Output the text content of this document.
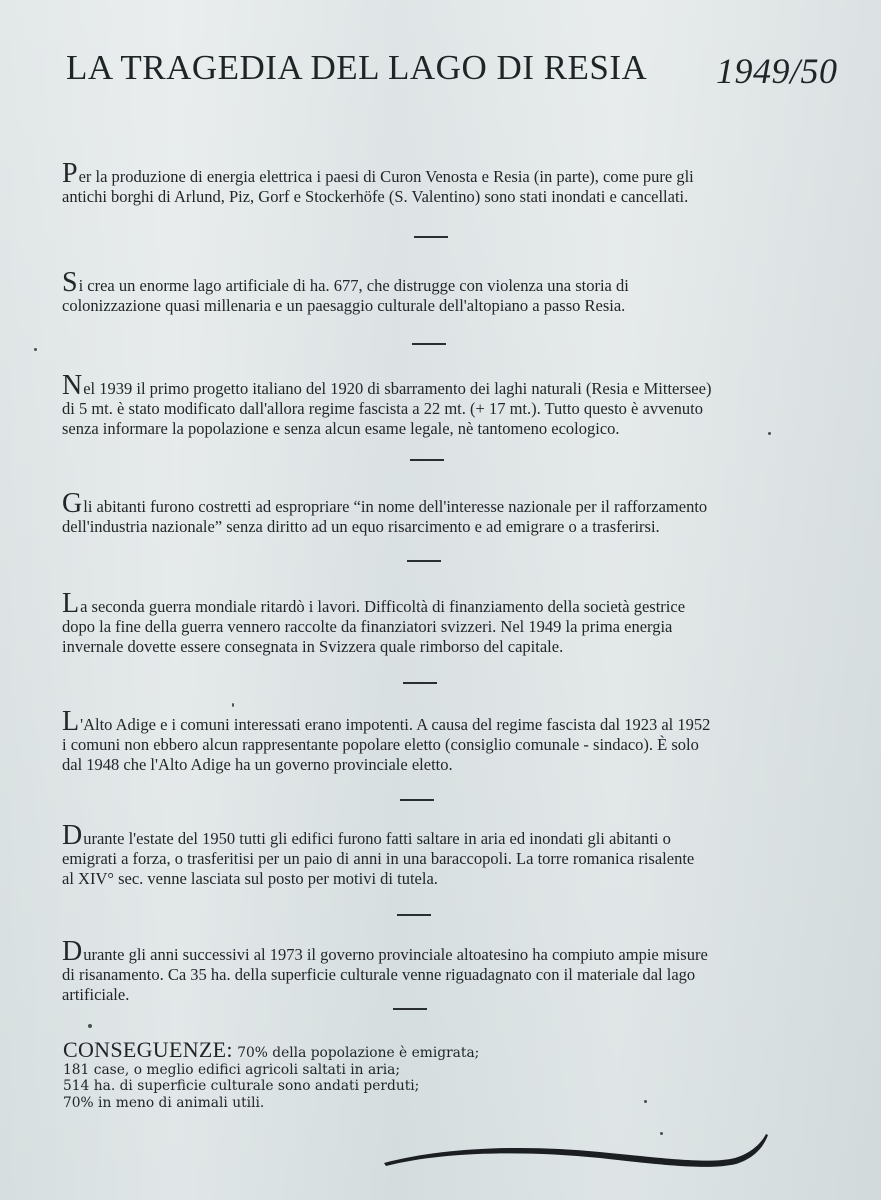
LA TRAGEDIA DEL LAGO DI RESIA 1949/50

Per la produzione di energia elettrica i paesi di Curon Venosta e Resia (in parte), come pure gli
antichi borghi di Arlund, Piz, Gorf e Stockerhöfe (S. Valentino) sono stati inondati e cancellati.

Si crea un enorme lago artificiale di ha. 677, che distrugge con violenza una storia di
colonizzazione quasi millenaria e un paesaggio culturale dell'altopiano a passo Resia.

Nel 1939 il primo progetto italiano del 1920 di sbarramento dei laghi naturali (Resia e Mittersee)
di 5 mt. è stato modificato dall'allora regime fascista a 22 mt. (+ 17 mt.). Tutto questo è avvenuto
senza informare la popolazione e senza alcun esame legale, nè tantomeno ecologico.

Gli abitanti furono costretti ad espropriare “in nome dell'interesse nazionale per il rafforzamento
dell'industria nazionale” senza diritto ad un equo risarcimento e ad emigrare o a trasferirsi.

La seconda guerra mondiale ritardò i lavori. Difficoltà di finanziamento della società gestrice
dopo la fine della guerra vennero raccolte da finanziatori svizzeri. Nel 1949 la prima energia
invernale dovette essere consegnata in Svizzera quale rimborso del capitale.

L'Alto Adige e i comuni interessati erano impotenti. A causa del regime fascista dal 1923 al 1952
i comuni non ebbero alcun rappresentante popolare eletto (consiglio comunale - sindaco). È solo
dal 1948 che l'Alto Adige ha un governo provinciale eletto.

Durante l'estate del 1950 tutti gli edifici furono fatti saltare in aria ed inondati gli abitanti o
emigrati a forza, o trasferitisi per un paio di anni in una baraccopoli. La torre romanica risalente
al XIV° sec. venne lasciata sul posto per motivi di tutela.

Durante gli anni successivi al 1973 il governo provinciale altoatesino ha compiuto ampie misure
di risanamento. Ca 35 ha. della superficie culturale venne riguadagnato con il materiale dal lago
artificiale.

CONSEGUENZE: 70% della popolazione è emigrata;
181 case, o meglio edifici agricoli saltati in aria;
514 ha. di superficie culturale sono andati perduti;
70% in meno di animali utili.
